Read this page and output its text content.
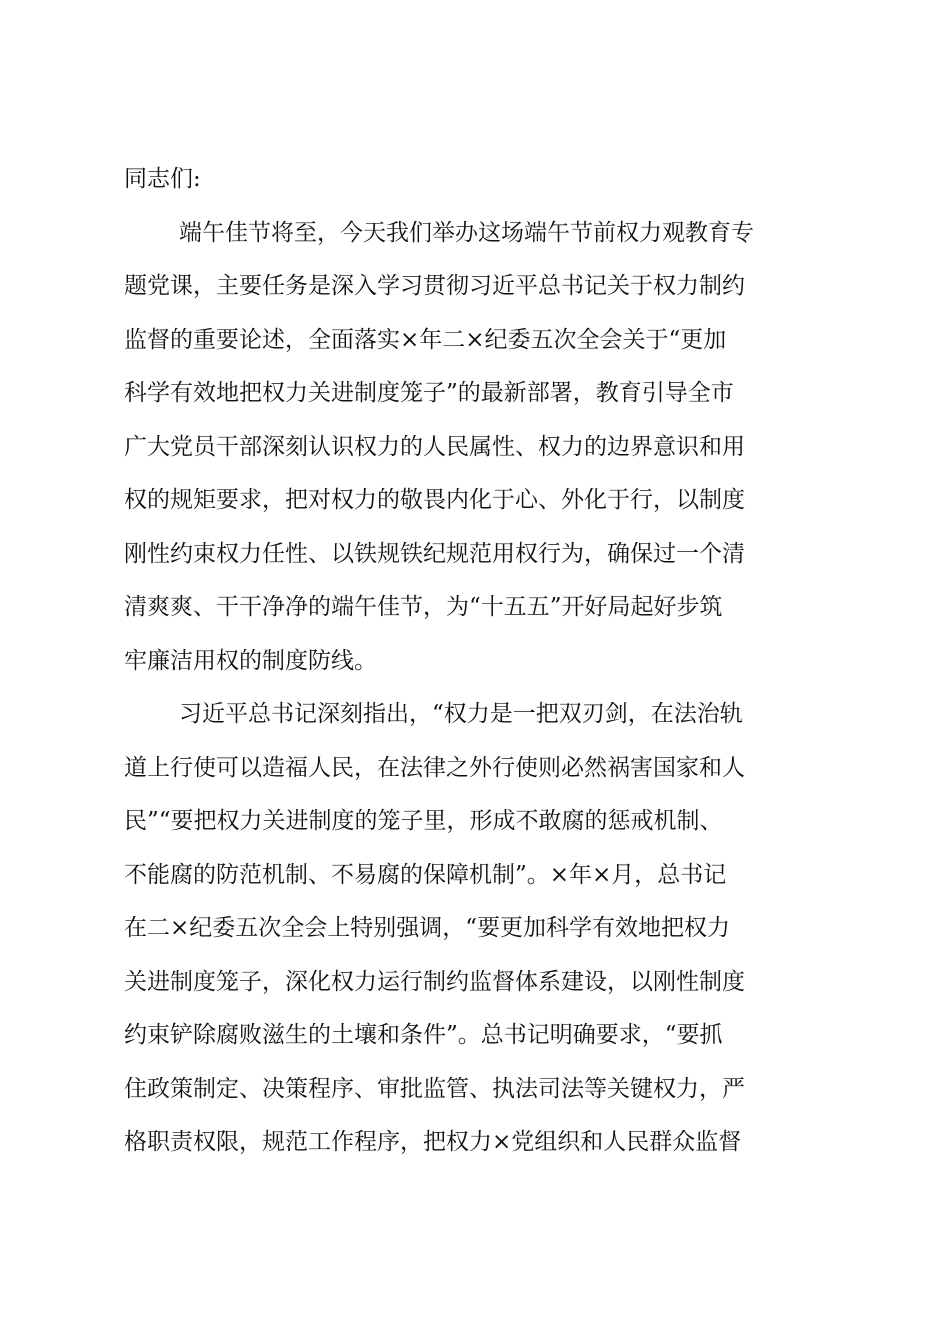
同志们:

端午佳节将至，今天我们举办这场端午节前权力观教育专

题党课，主要任务是深入学习贯彻习近平总书记关于权力制约

监督的重要论述，全面落实×年二×纪委五次全会关于“更加

科学有效地把权力关进制度笼子”的最新部署，教育引导全市

广大党员干部深刻认识权力的人民属性、权力的边界意识和用

权的规矩要求，把对权力的敬畏内化于心、外化于行，以制度

刚性约束权力任性、以铁规铁纪规范用权行为，确保过一个清

清爽爽、干干净净的端午佳节，为“十五五”开好局起好步筑

牢廉洁用权的制度防线。

习近平总书记深刻指出，“权力是一把双刃剑，在法治轨

道上行使可以造福人民，在法律之外行使则必然祸害国家和人

民”“要把权力关进制度的笼子里，形成不敢腐的惩戒机制、

不能腐的防范机制、不易腐的保障机制”。×年×月，总书记

在二×纪委五次全会上特别强调，“要更加科学有效地把权力

关进制度笼子，深化权力运行制约监督体系建设，以刚性制度

约束铲除腐败滋生的土壤和条件”。总书记明确要求，“要抓

住政策制定、决策程序、审批监管、执法司法等关键权力，严

格职责权限，规范工作程序，把权力×党组织和人民群众监督
